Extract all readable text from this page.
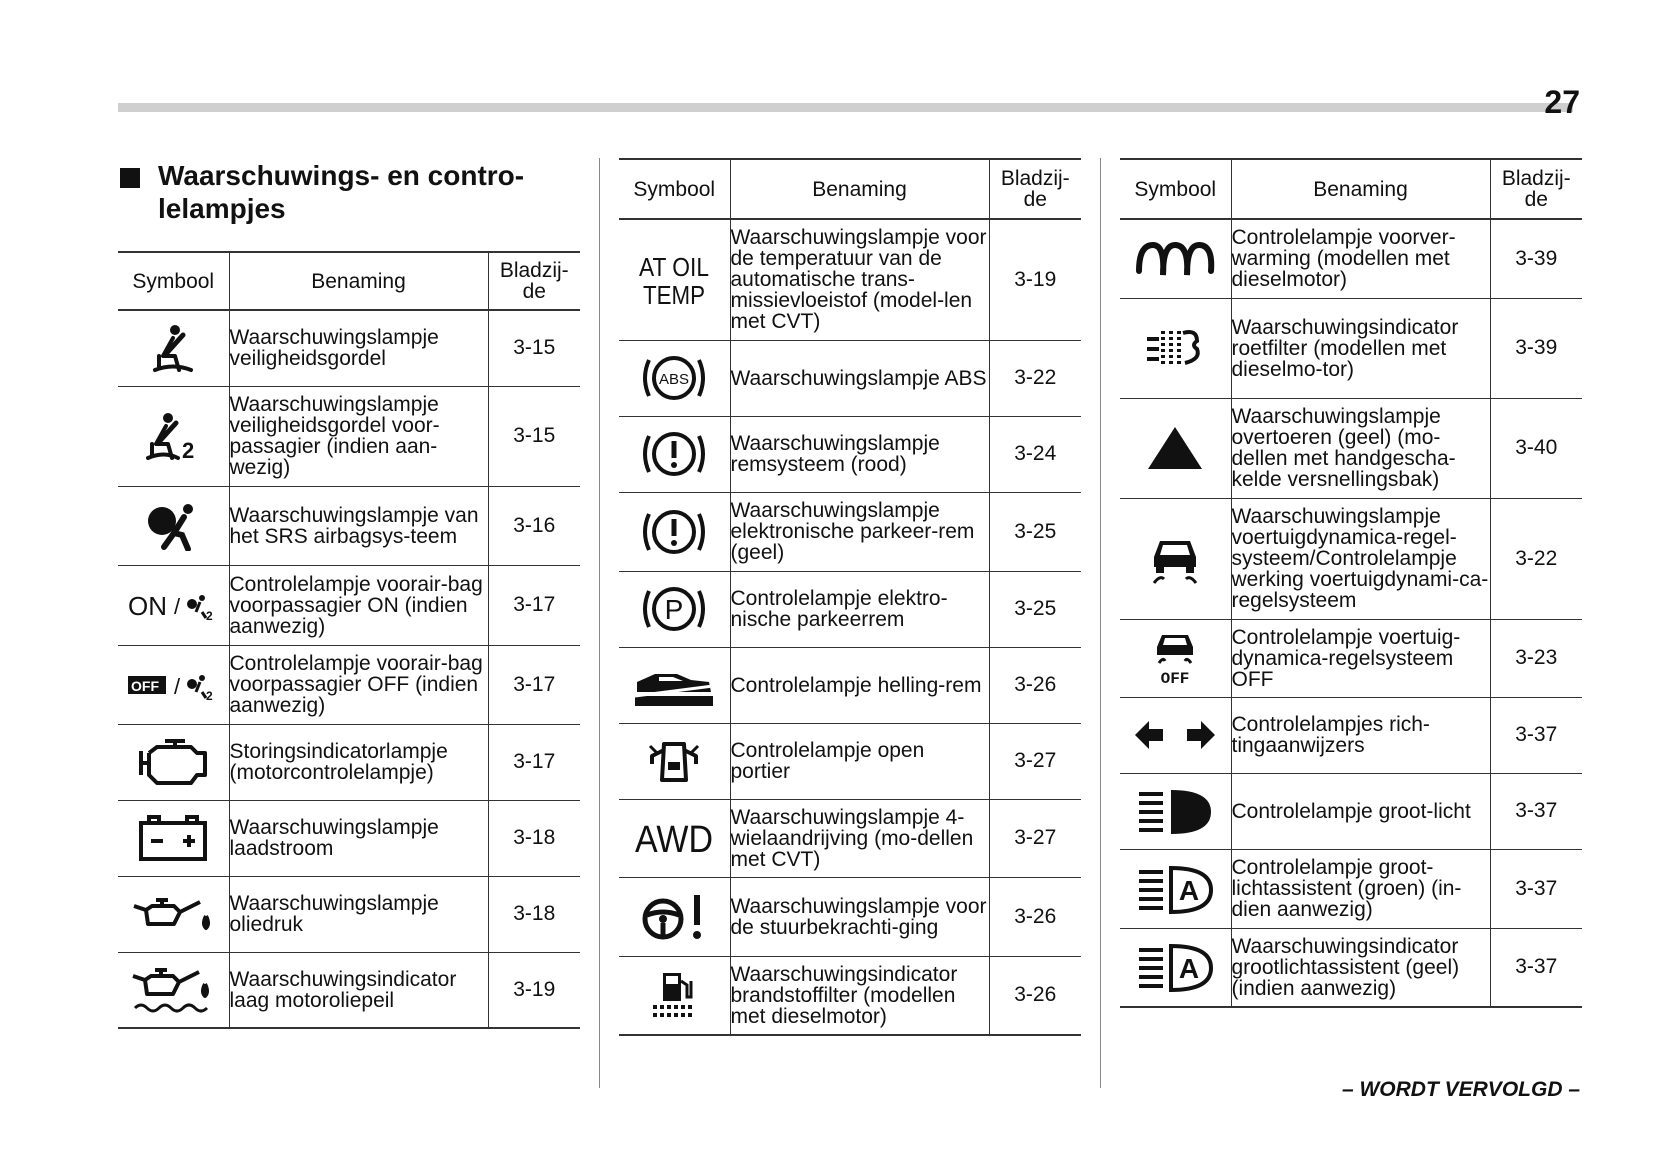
27
Waarschuwings- en contro-
lelampjes
Symbool	Benaming	Bladzij-
de
	Waarschuwingslampje veiligheidsgordel	3-15

2	Waarschuwingslampje veiligheidsgordel voor-passagier (indien aan-wezig)	3-15
	Waarschuwingslampje van het SRS airbagsys-teem	3-16

ON / 2	Controlelampje voorair-bag voorpassagier ON (indien aanwezig)	3-17

OFF / 2	Controlelampje voorair-bag voorpassagier OFF (indien aanwezig)	3-17
	Storingsindicatorlampje (motorcontrolelampje)	3-17
	Waarschuwingslampje laadstroom	3-18
	Waarschuwingslampje oliedruk	3-18
	Waarschuwingsindicator laag motoroliepeil	3-19
Symbool	Benaming	Bladzij-
de

AT OIL
TEMP	Waarschuwingslampje voor de temperatuur van de automatische trans-missievloeistof (model-len met CVT)	3-19

ABS	Waarschuwingslampje ABS	3-22
	Waarschuwingslampje remsysteem (rood)	3-24
	Waarschuwingslampje elektronische parkeer-rem (geel)	3-25

P	Controlelampje elektro-nische parkeerrem	3-25
	Controlelampje helling-rem	3-26
	Controlelampje open portier	3-27

AWD	Waarschuwingslampje 4-wielaandrijving (mo-dellen met CVT)	3-27
	Waarschuwingslampje voor de stuurbekrachti-ging	3-26
	Waarschuwingsindicator brandstoffilter (modellen met dieselmotor)	3-26
Symbool	Benaming	Bladzij-
de
	Controlelampje voorver-warming (modellen met dieselmotor)	3-39
	Waarschuwingsindicator roetfilter (modellen met dieselmo-tor)	3-39
	Waarschuwingslampje overtoeren (geel) (mo-dellen met handgescha-kelde versnellingsbak)	3-40
	Waarschuwingslampje voertuigdynamica-regel-systeem/Controlelampje werking voertuigdynami-ca-regelsysteem	3-22

OFF	Controlelampje voertuig-dynamica-regelsysteem OFF	3-23
	Controlelampjes rich-tingaanwijzers	3-37
	Controlelampje groot-licht	3-37

A	Controlelampje groot-lichtassistent (groen) (in-dien aanwezig)	3-37

A	Waarschuwingsindicator grootlichtassistent (geel) (indien aanwezig)	3-37
– WORDT VERVOLGD –
